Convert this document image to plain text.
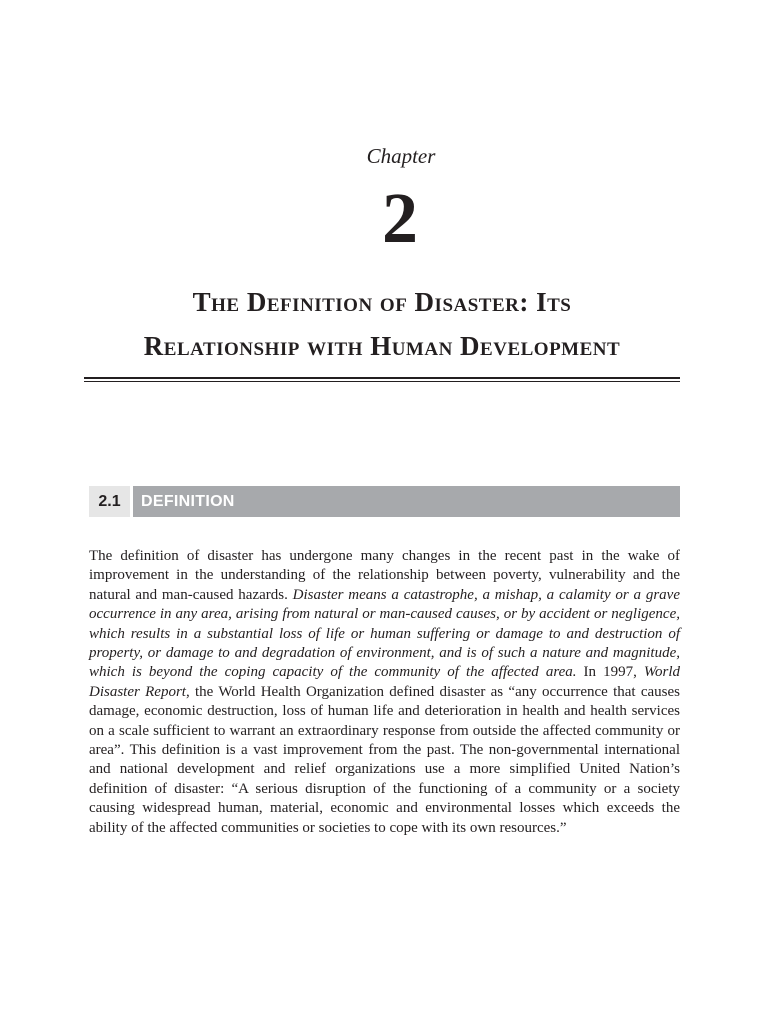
Chapter
2
The Definition of Disaster: Its
Relationship with Human Development
2.1	DEFINITION

The definition of disaster has undergone many changes in the recent past in the wake of improvement in the understanding of the relationship between poverty, vulnerability and the natural and man-caused hazards. Disaster means a catastrophe, a mishap, a calamity or a grave occurrence in any area, arising from natural or man-caused causes, or by accident or negligence, which results in a substantial loss of life or human suffering or damage to and destruction of property, or damage to and degradation of environment, and is of such a nature and magnitude, which is beyond the coping capacity of the community of the affected area. In 1997, World Disaster Report, the World Health Organization defined disaster as “any occurrence that causes damage, economic destruction, loss of human life and deterioration in health and health services on a scale sufficient to warrant an extraordinary response from outside the affected community or area”. This definition is a vast improvement from the past. The non-governmental international and national development and relief organizations use a more simplified United Nation’s definition of disaster: “A serious disruption of the functioning of a community or a society causing widespread human, material, economic and environmental losses which exceeds the ability of the affected communities or societies to cope with its own resources.”
